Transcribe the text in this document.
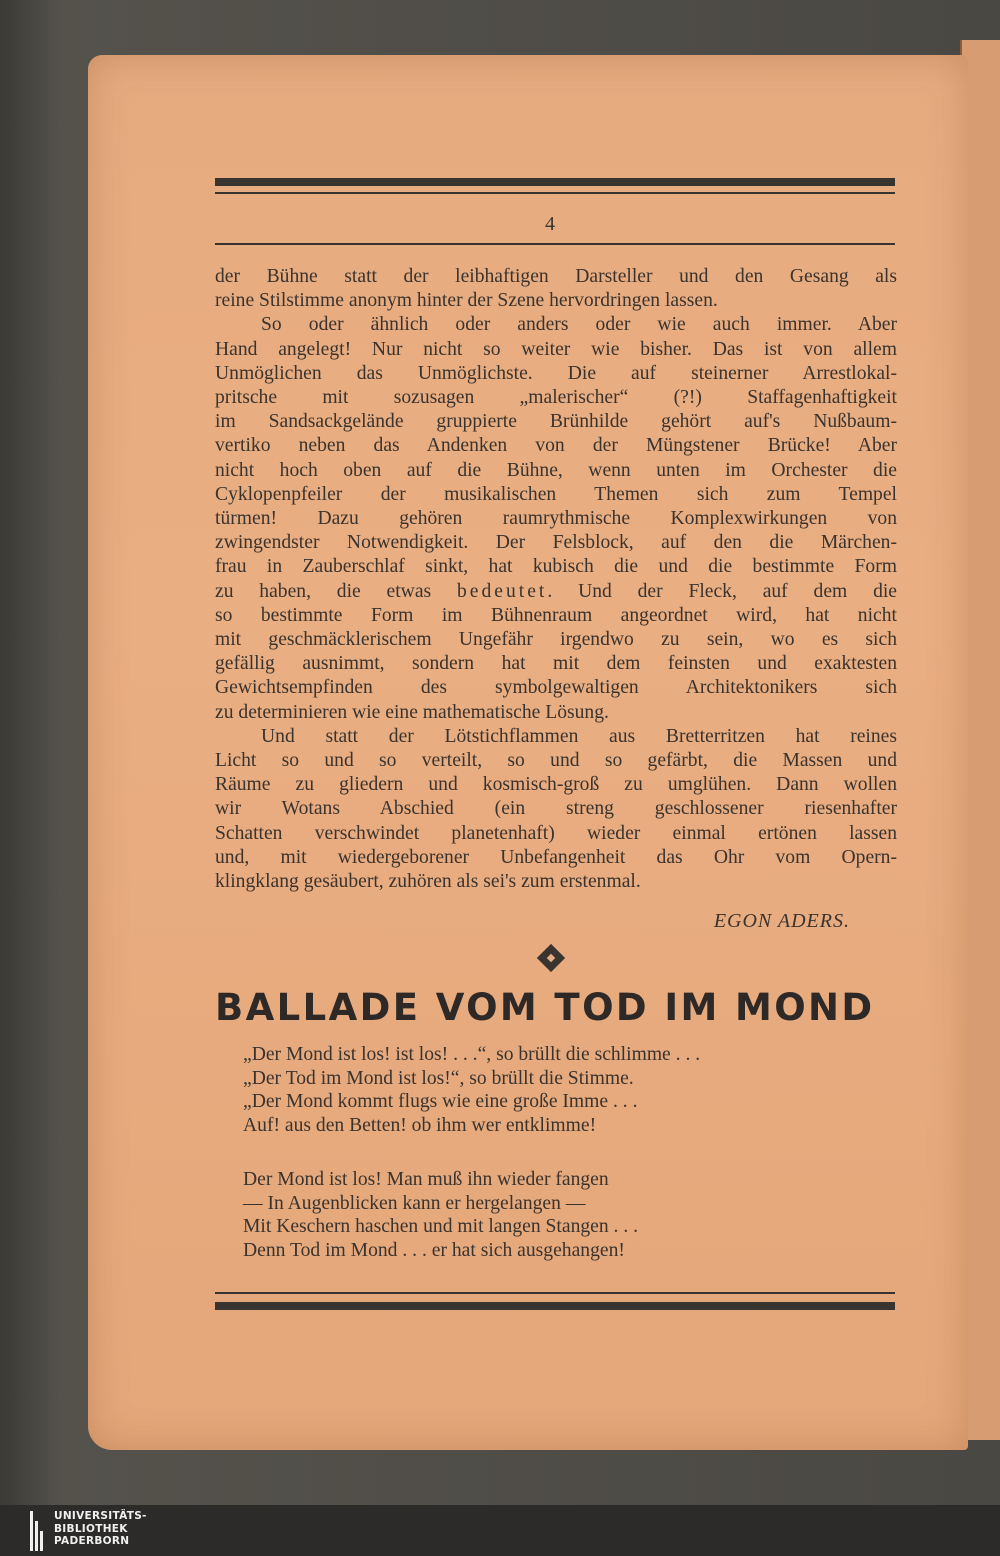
4
der Bühne statt der leibhaftigen Darsteller und den Gesang als
reine Stilstimme anonym hinter der Szene hervordringen lassen.
So oder ähnlich oder anders oder wie auch immer. Aber
Hand angelegt! Nur nicht so weiter wie bisher. Das ist von allem
Unmöglichen das Unmöglichste. Die auf steinerner Arrestlokal-
pritsche mit sozusagen „malerischer“ (?!) Staffagenhaftigkeit
im Sandsackgelände gruppierte Brünhilde gehört auf's Nußbaum-
vertiko neben das Andenken von der Müngstener Brücke! Aber
nicht hoch oben auf die Bühne, wenn unten im Orchester die
Cyklopenpfeiler der musikalischen Themen sich zum Tempel
türmen! Dazu gehören raumrythmische Komplexwirkungen von
zwingendster Notwendigkeit. Der Felsblock, auf den die Märchen-
frau in Zauberschlaf sinkt, hat kubisch die und die bestimmte Form
zu haben, die etwas bedeutet. Und der Fleck, auf dem die
so bestimmte Form im Bühnenraum angeordnet wird, hat nicht
mit geschmäcklerischem Ungefähr irgendwo zu sein, wo es sich
gefällig ausnimmt, sondern hat mit dem feinsten und exaktesten
Gewichtsempfinden des symbolgewaltigen Architektonikers sich
zu determinieren wie eine mathematische Lösung.
Und statt der Lötstichflammen aus Bretterritzen hat reines
Licht so und so verteilt, so und so gefärbt, die Massen und
Räume zu gliedern und kosmisch-groß zu umglühen. Dann wollen
wir Wotans Abschied (ein streng geschlossener riesenhafter
Schatten verschwindet planetenhaft) wieder einmal ertönen lassen
und, mit wiedergeborener Unbefangenheit das Ohr vom Opern-
klingklang gesäubert, zuhören als sei's zum erstenmal.
EGON ADERS.
BALLADE VOM TOD IM MOND
„Der Mond ist los! ist los! . . .“, so brüllt die schlimme . . .
„Der Tod im Mond ist los!“, so brüllt die Stimme.
„Der Mond kommt flugs wie eine große Imme . . .
Auf! aus den Betten! ob ihm wer entklimme!
Der Mond ist los! Man muß ihn wieder fangen
— In Augenblicken kann er hergelangen —
Mit Keschern haschen und mit langen Stangen . . .
Denn Tod im Mond . . . er hat sich ausgehangen!
UNIVERSITÄTS-
BIBLIOTHEK
PADERBORN
